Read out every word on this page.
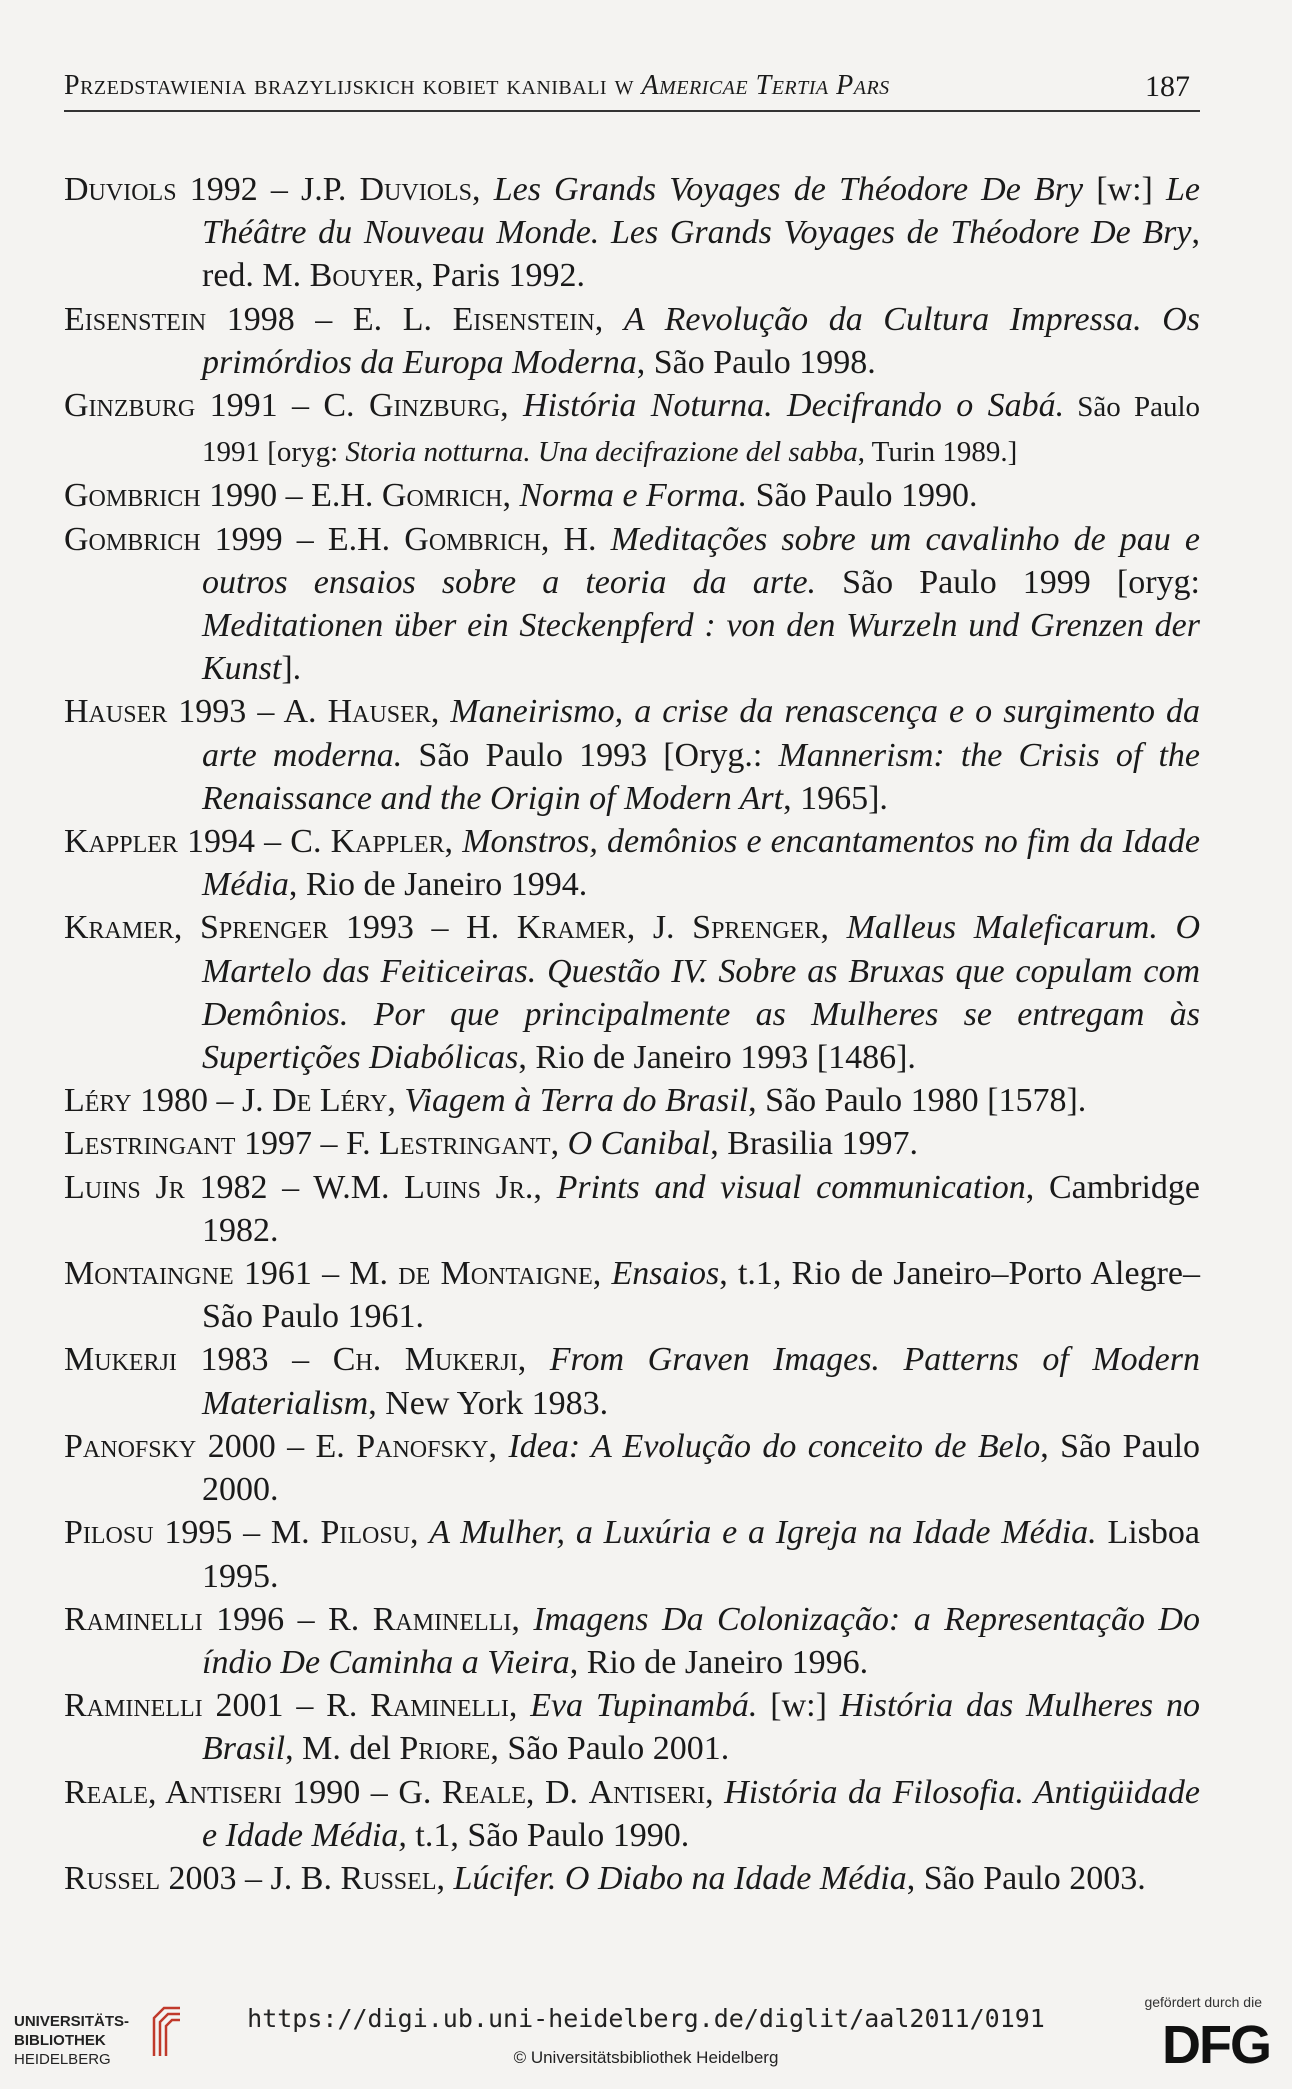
Przedstawienia brazylijskich kobiet kanibali w Americae Tertia Pars	187

Duviols 1992 – J.P. Duviols, Les Grands Voyages de Théodore De Bry [w:] Le Théâtre du Nouveau Monde. Les Grands Voyages de Théodore De Bry, red. M. Bouyer, Paris 1992.

Eisenstein 1998 – E. L. Eisenstein, A Revolução da Cultura Impressa. Os primórdios da Europa Moderna, São Paulo 1998.

Ginzburg 1991 – C. Ginzburg, História Noturna. Decifrando o Sabá. São Paulo 1991 [oryg: Storia notturna. Una decifrazione del sabba, Turin 1989.]

Gombrich 1990 – E.H. Gomrich, Norma e Forma. São Paulo 1990.

Gombrich 1999 – E.H. Gombrich, H. Meditações sobre um cavalinho de pau e outros ensaios sobre a teoria da arte. São Paulo 1999 [oryg: Meditationen über ein Steckenpferd : von den Wurzeln und Grenzen der Kunst].

Hauser 1993 – A. Hauser, Maneirismo, a crise da renascença e o surgimento da arte moderna. São Paulo 1993 [Oryg.: Mannerism: the Crisis of the Renaissance and the Origin of Modern Art, 1965].

Kappler 1994 – C. Kappler, Monstros, demônios e encantamentos no fim da Idade Média, Rio de Janeiro 1994.

Kramer, Sprenger 1993 – H. Kramer, J. Sprenger, Malleus Maleficarum. O Martelo das Feiticeiras. Questão IV. Sobre as Bruxas que copulam com Demônios. Por que principalmente as Mulheres se entregam às Supertições Diabólicas, Rio de Janeiro 1993 [1486].

Léry 1980 – J. De Léry, Viagem à Terra do Brasil, São Paulo 1980 [1578].

Lestringant 1997 – F. Lestringant, O Canibal, Brasilia 1997.

Luins Jr 1982 – W.M. Luins Jr., Prints and visual communication, Cambridge 1982.

Montaingne 1961 – M. de Montaigne, Ensaios, t.1, Rio de Janeiro–Porto Alegre–São Paulo 1961.

Mukerji 1983 – Ch. Mukerji, From Graven Images. Patterns of Modern Materialism, New York 1983.

Panofsky 2000 – E. Panofsky, Idea: A Evolução do conceito de Belo, São Paulo 2000.

Pilosu 1995 – M. Pilosu, A Mulher, a Luxúria e a Igreja na Idade Média. Lisboa 1995.

Raminelli 1996 – R. Raminelli, Imagens Da Colonização: a Representação Do índio De Caminha a Vieira, Rio de Janeiro 1996.

Raminelli 2001 – R. Raminelli, Eva Tupinambá. [w:] História das Mulheres no Brasil, M. del Priore, São Paulo 2001.

Reale, Antiseri 1990 – G. Reale, D. Antiseri, História da Filosofia. Antigüidade e Idade Média, t.1, São Paulo 1990.

Russel 2003 – J. B. Russel, Lúcifer. O Diabo na Idade Média, São Paulo 2003.

UNIVERSITÄTS-
BIBLIOTHEK
HEIDELBERG
https://digi.ub.uni-heidelberg.de/diglit/aal2011/0191
© Universitätsbibliothek Heidelberg
gefördert durch die
DFG
